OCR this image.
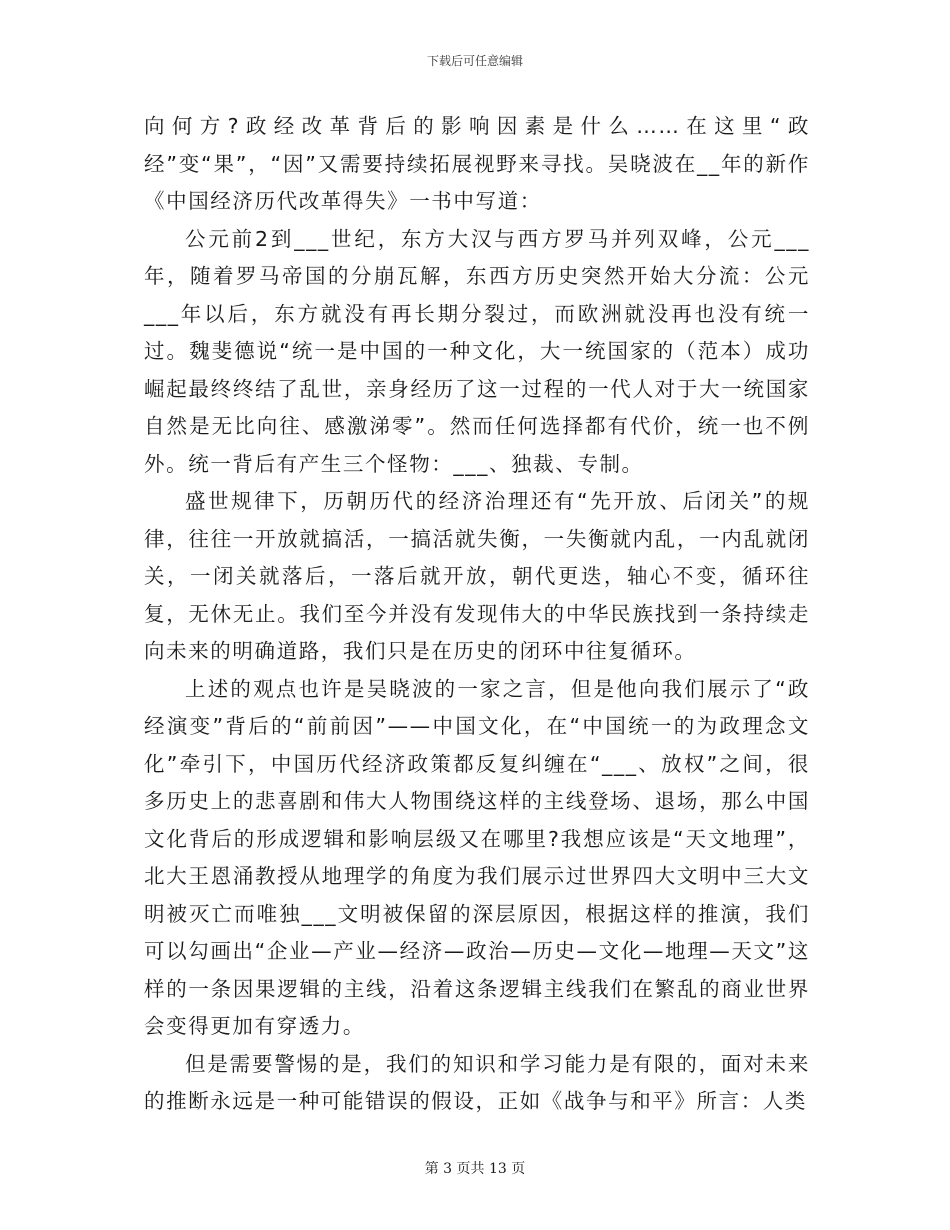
下载后可任意编辑

向何方?政经改革背后的影响因素是什么……在这里“政经”变“果”，“因”又需要持续拓展视野来寻找。吴晓波在__年的新作《中国经济历代改革得失》一书中写道：

公元前2到___世纪，东方大汉与西方罗马并列双峰，公元___年，随着罗马帝国的分崩瓦解，东西方历史突然开始大分流：公元___年以后，东方就没有再长期分裂过，而欧洲就没再也没有统一过。魏斐德说“统一是中国的一种文化，大一统国家的（范本）成功崛起最终终结了乱世，亲身经历了这一过程的一代人对于大一统国家自然是无比向往、感激涕零”。然而任何选择都有代价，统一也不例外。统一背后有产生三个怪物：___、独裁、专制。

盛世规律下，历朝历代的经济治理还有“先开放、后闭关”的规律，往往一开放就搞活，一搞活就失衡，一失衡就内乱，一内乱就闭关，一闭关就落后，一落后就开放，朝代更迭，轴心不变，循环往复，无休无止。我们至今并没有发现伟大的中华民族找到一条持续走向未来的明确道路，我们只是在历史的闭环中往复循环。

上述的观点也许是吴晓波的一家之言，但是他向我们展示了“政经演变”背后的“前前因”——中国文化，在“中国统一的为政理念文化”牵引下，中国历代经济政策都反复纠缠在“___、放权”之间，很多历史上的悲喜剧和伟大人物围绕这样的主线登场、退场，那么中国文化背后的形成逻辑和影响层级又在哪里?我想应该是“天文地理”，北大王恩涌教授从地理学的角度为我们展示过世界四大文明中三大文明被灭亡而唯独___文明被保留的深层原因，根据这样的推演，我们可以勾画出“企业—产业—经济—政治—历史—文化—地理—天文”这样的一条因果逻辑的主线，沿着这条逻辑主线我们在繁乱的商业世界会变得更加有穿透力。

但是需要警惕的是，我们的知识和学习能力是有限的，面对未来的推断永远是一种可能错误的假设，正如《战争与和平》所言：人类

第 3 页共 13 页
